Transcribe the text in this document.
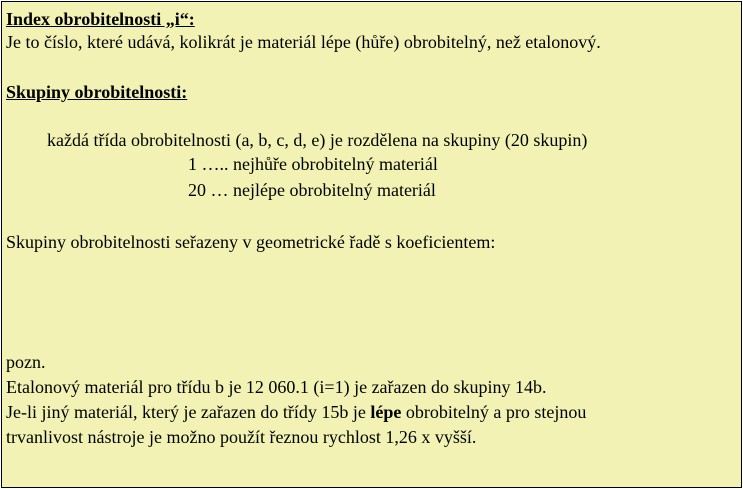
Index obrobitelnosti „i“:
Je to číslo, které udává, kolikrát je materiál lépe (hůře) obrobitelný, než etalonový.
Skupiny obrobitelnosti:
každá třída obrobitelnosti (a, b, c, d, e) je rozdělena na skupiny (20 skupin)
1 ….. nejhůře obrobitelný materiál
20 … nejlépe obrobitelný materiál
Skupiny obrobitelnosti seřazeny v geometrické řadě s koeficientem:
pozn.
Etalonový materiál pro třídu b je 12 060.1 (i=1) je zařazen do skupiny 14b.
Je-li jiný materiál, který je zařazen do třídy 15b je lépe obrobitelný a pro stejnou
trvanlivost nástroje je možno použít řeznou rychlost 1,26 x vyšší.
